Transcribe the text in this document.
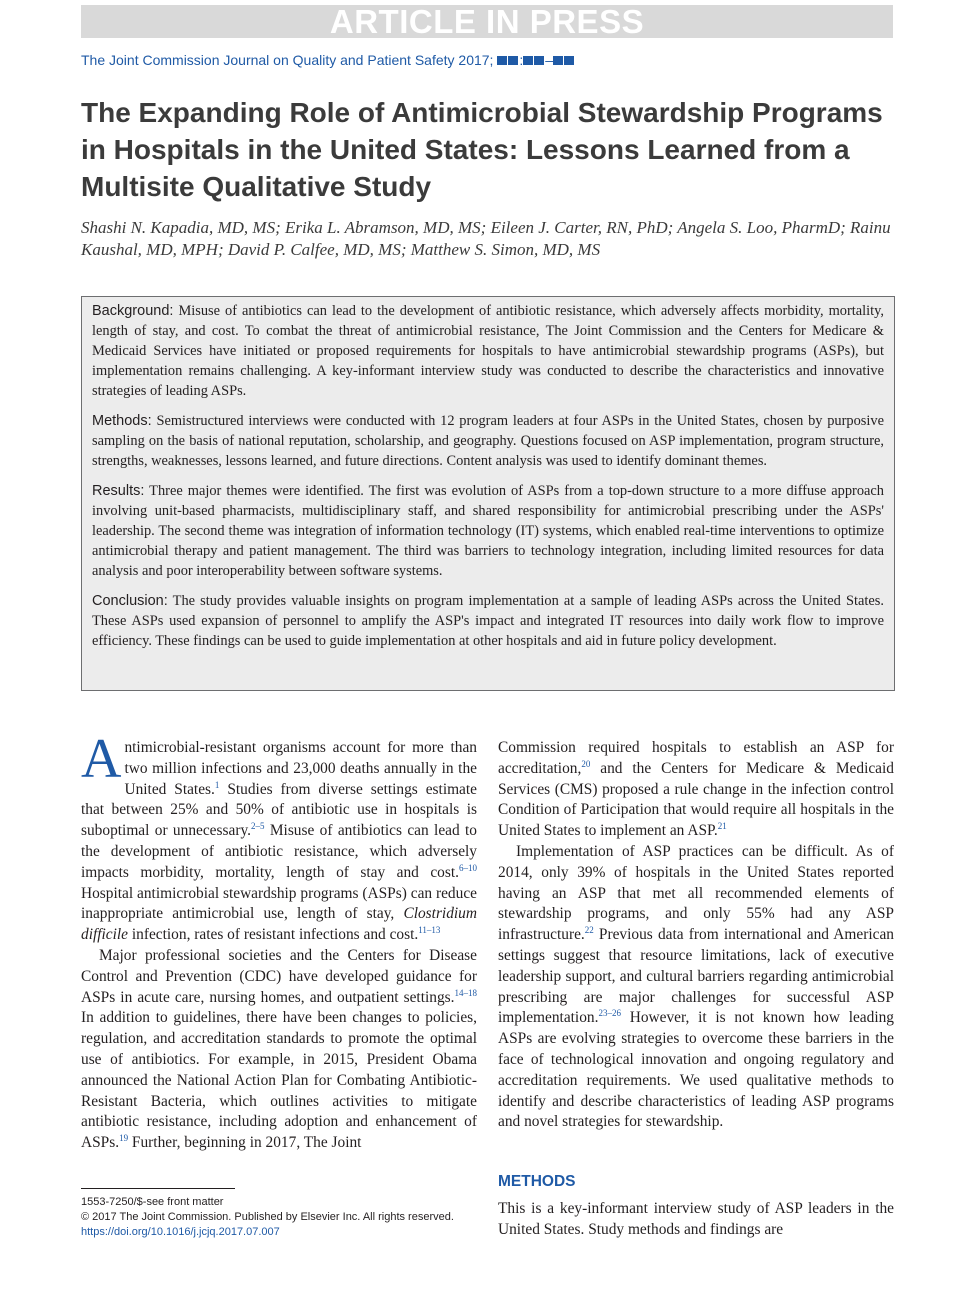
ARTICLE IN PRESS
The Joint Commission Journal on Quality and Patient Safety 2017; : –
The Expanding Role of Antimicrobial Stewardship Programs in Hospitals in the United States: Lessons Learned from a Multisite Qualitative Study
Shashi N. Kapadia, MD, MS; Erika L. Abramson, MD, MS; Eileen J. Carter, RN, PhD; Angela S. Loo, PharmD; Rainu Kaushal, MD, MPH; David P. Calfee, MD, MS; Matthew S. Simon, MD, MS

Background: Misuse of antibiotics can lead to the development of antibiotic resistance, which adversely affects morbidity, mortality, length of stay, and cost. To combat the threat of antimicrobial resistance, The Joint Commission and the Centers for Medicare & Medicaid Services have initiated or proposed requirements for hospitals to have antimicrobial stewardship programs (ASPs), but implementation remains challenging. A key-informant interview study was conducted to describe the characteristics and innovative strategies of leading ASPs.

Methods: Semistructured interviews were conducted with 12 program leaders at four ASPs in the United States, chosen by purposive sampling on the basis of national reputation, scholarship, and geography. Questions focused on ASP implementation, program structure, strengths, weaknesses, lessons learned, and future directions. Content analysis was used to identify dominant themes.

Results: Three major themes were identified. The first was evolution of ASPs from a top-down structure to a more diffuse approach involving unit-based pharmacists, multidisciplinary staff, and shared responsibility for antimicrobial prescribing under the ASPs' leadership. The second theme was integration of information technology (IT) systems, which enabled real-time interventions to optimize antimicrobial therapy and patient management. The third was barriers to technology integration, including limited resources for data analysis and poor interoperability between software systems.

Conclusion: The study provides valuable insights on program implementation at a sample of leading ASPs across the United States. These ASPs used expansion of personnel to amplify the ASP's impact and integrated IT resources into daily work flow to improve efficiency. These findings can be used to guide implementation at other hospitals and aid in future policy development.

Antimicrobial-resistant organisms account for more than two million infections and 23,000 deaths annually in the United States.$^1$ Studies from diverse settings estimate that between 25% and 50% of antibiotic use in hospitals is suboptimal or unnecessary.$^{2-5}$ Misuse of antibiotics can lead to the development of antibiotic resistance, which adversely impacts morbidity, mortality, length of stay and cost.$^{6-10}$ Hospital antimicrobial stewardship programs (ASPs) can reduce inappropriate antimicrobial use, length of stay, Clostridium difficile infection, rates of resistant infections and cost.$^{11-13}$

Major professional societies and the Centers for Disease Control and Prevention (CDC) have developed guidance for ASPs in acute care, nursing homes, and outpatient settings.$^{14-18}$ In addition to guidelines, there have been changes to policies, regulation, and accreditation standards to promote the optimal use of antibiotics. For example, in 2015, President Obama announced the National Action Plan for Combating Antibiotic-Resistant Bacteria, which outlines activities to mitigate antibiotic resistance, including adoption and enhancement of ASPs.$^{19}$ Further, beginning in 2017, The Joint

Commission required hospitals to establish an ASP for accreditation,$^{20}$ and the Centers for Medicare & Medicaid Services (CMS) proposed a rule change in the infection control Condition of Participation that would require all hospitals in the United States to implement an ASP.$^{21}$

Implementation of ASP practices can be difficult. As of 2014, only 39% of hospitals in the United States reported having an ASP that met all recommended elements of stewardship programs, and only 55% had any ASP infrastructure.$^{22}$ Previous data from international and American settings suggest that resource limitations, lack of executive leadership support, and cultural barriers regarding antimicrobial prescribing are major challenges for successful ASP implementation.$^{23-26}$ However, it is not known how leading ASPs are evolving strategies to overcome these barriers in the face of technological innovation and ongoing regulatory and accreditation requirements. We used qualitative methods to identify and describe characteristics of leading ASP programs and novel strategies for stewardship.

METHODS

This is a key-informant interview study of ASP leaders in the United States. Study methods and findings are

1553-7250/$-see front matter
© 2017 The Joint Commission. Published by Elsevier Inc. All rights reserved.
https://doi.org/10.1016/j.jcjq.2017.07.007
